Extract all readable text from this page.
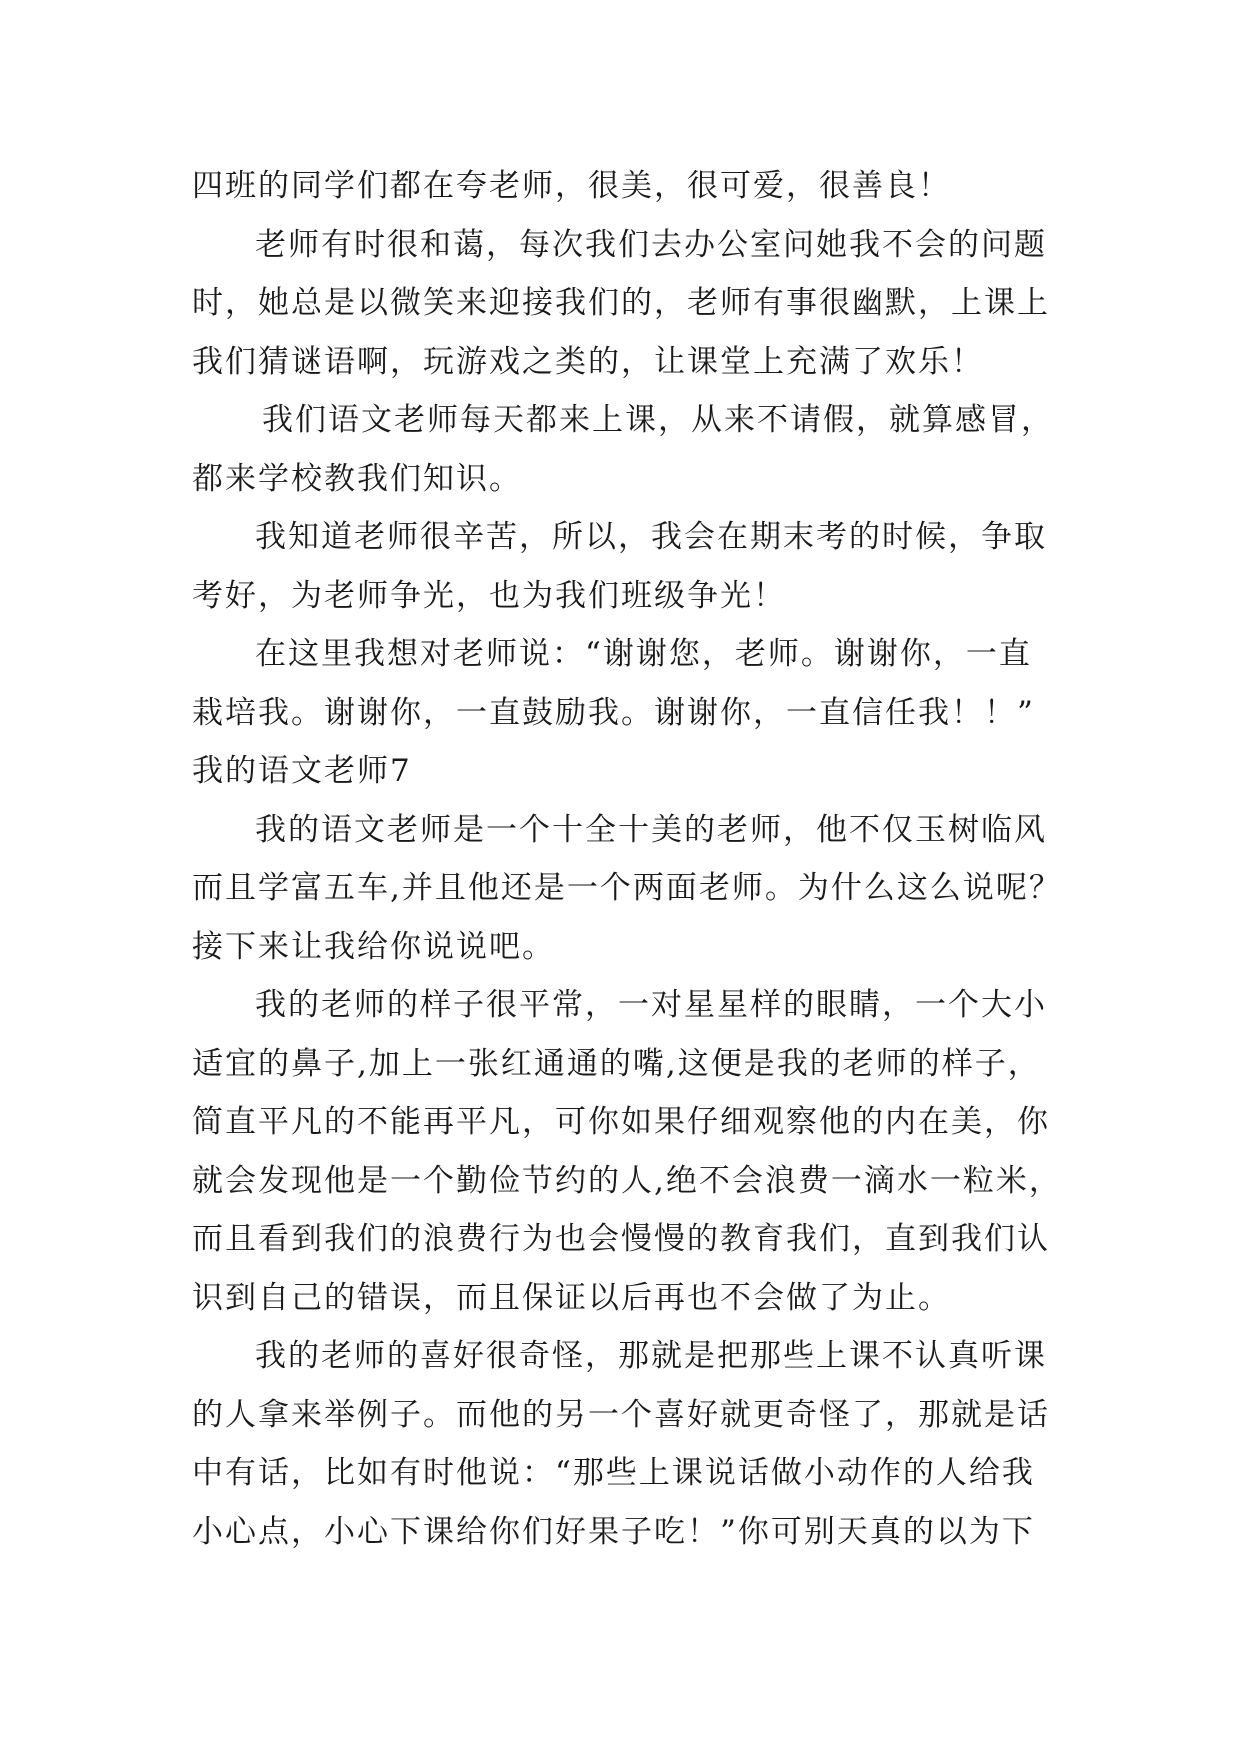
四班的同学们都在夸老师，很美，很可爱，很善良！
老师有时很和蔼，每次我们去办公室问她我不会的问题
时，她总是以微笑来迎接我们的，老师有事很幽默，上课上
我们猜谜语啊，玩游戏之类的，让课堂上充满了欢乐！
我们语文老师每天都来上课，从来不请假，就算感冒，
都来学校教我们知识。
我知道老师很辛苦，所以，我会在期末考的时候，争取
考好，为老师争光，也为我们班级争光！
在这里我想对老师说：“谢谢您，老师。谢谢你，一直
栽培我。谢谢你，一直鼓励我。谢谢你，一直信任我！！”
我的语文老师7
我的语文老师是一个十全十美的老师，他不仅玉树临风
而且学富五车,并且他还是一个两面老师。为什么这么说呢？
接下来让我给你说说吧。
我的老师的样子很平常，一对星星样的眼睛，一个大小
适宜的鼻子,加上一张红通通的嘴,这便是我的老师的样子，
简直平凡的不能再平凡，可你如果仔细观察他的内在美，你
就会发现他是一个勤俭节约的人,绝不会浪费一滴水一粒米，
而且看到我们的浪费行为也会慢慢的教育我们，直到我们认
识到自己的错误，而且保证以后再也不会做了为止。
我的老师的喜好很奇怪，那就是把那些上课不认真听课
的人拿来举例子。而他的另一个喜好就更奇怪了，那就是话
中有话，比如有时他说：“那些上课说话做小动作的人给我
小心点，小心下课给你们好果子吃！”你可别天真的以为下
